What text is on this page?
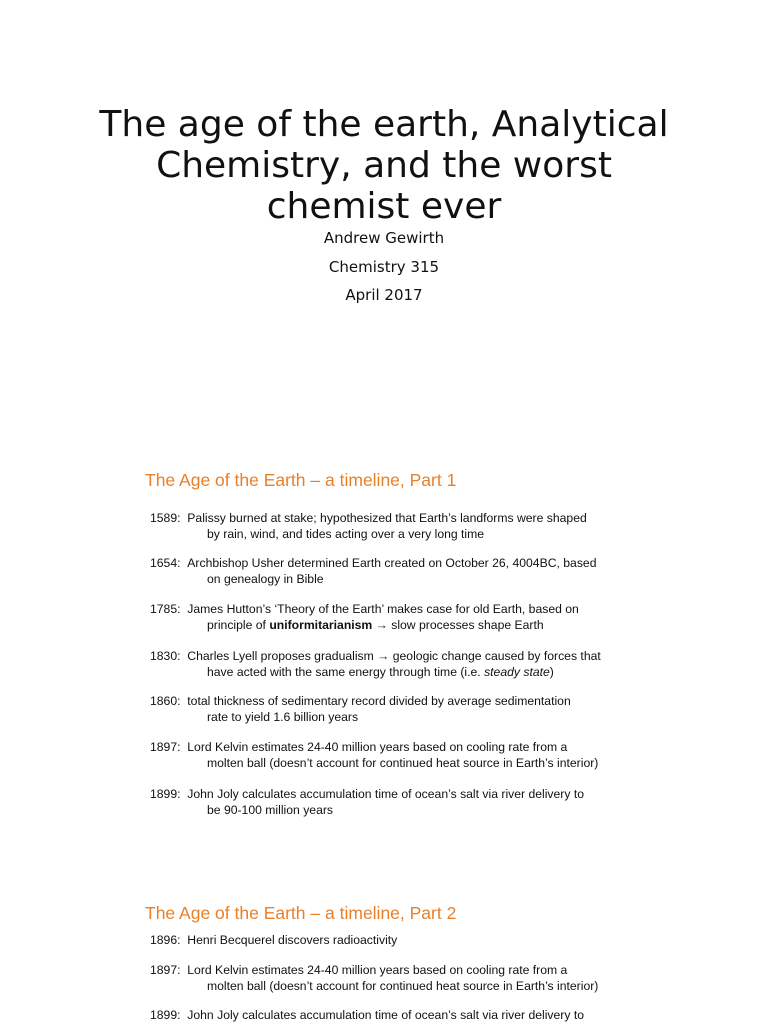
The age of the earth, Analytical
Chemistry, and the worst
chemist ever
Andrew Gewirth
Chemistry 315
April 2017
The Age of the Earth – a timeline, Part 1
1589: Palissy burned at stake; hypothesized that Earth’s landforms were shaped
by rain, wind, and tides acting over a very long time
1654: Archbishop Usher determined Earth created on October 26, 4004BC, based
on genealogy in Bible
1785: James Hutton’s ‘Theory of the Earth’ makes case for old Earth, based on
principle of uniformitarianism → slow processes shape Earth
1830: Charles Lyell proposes gradualism → geologic change caused by forces that
have acted with the same energy through time (i.e. steady state)
1860: total thickness of sedimentary record divided by average sedimentation
rate to yield 1.6 billion years
1897: Lord Kelvin estimates 24-40 million years based on cooling rate from a
molten ball (doesn’t account for continued heat source in Earth’s interior)
1899: John Joly calculates accumulation time of ocean’s salt via river delivery to
be 90-100 million years
The Age of the Earth – a timeline, Part 2
1896: Henri Becquerel discovers radioactivity
1897: Lord Kelvin estimates 24-40 million years based on cooling rate from a
molten ball (doesn’t account for continued heat source in Earth’s interior)
1899: John Joly calculates accumulation time of ocean’s salt via river delivery to
